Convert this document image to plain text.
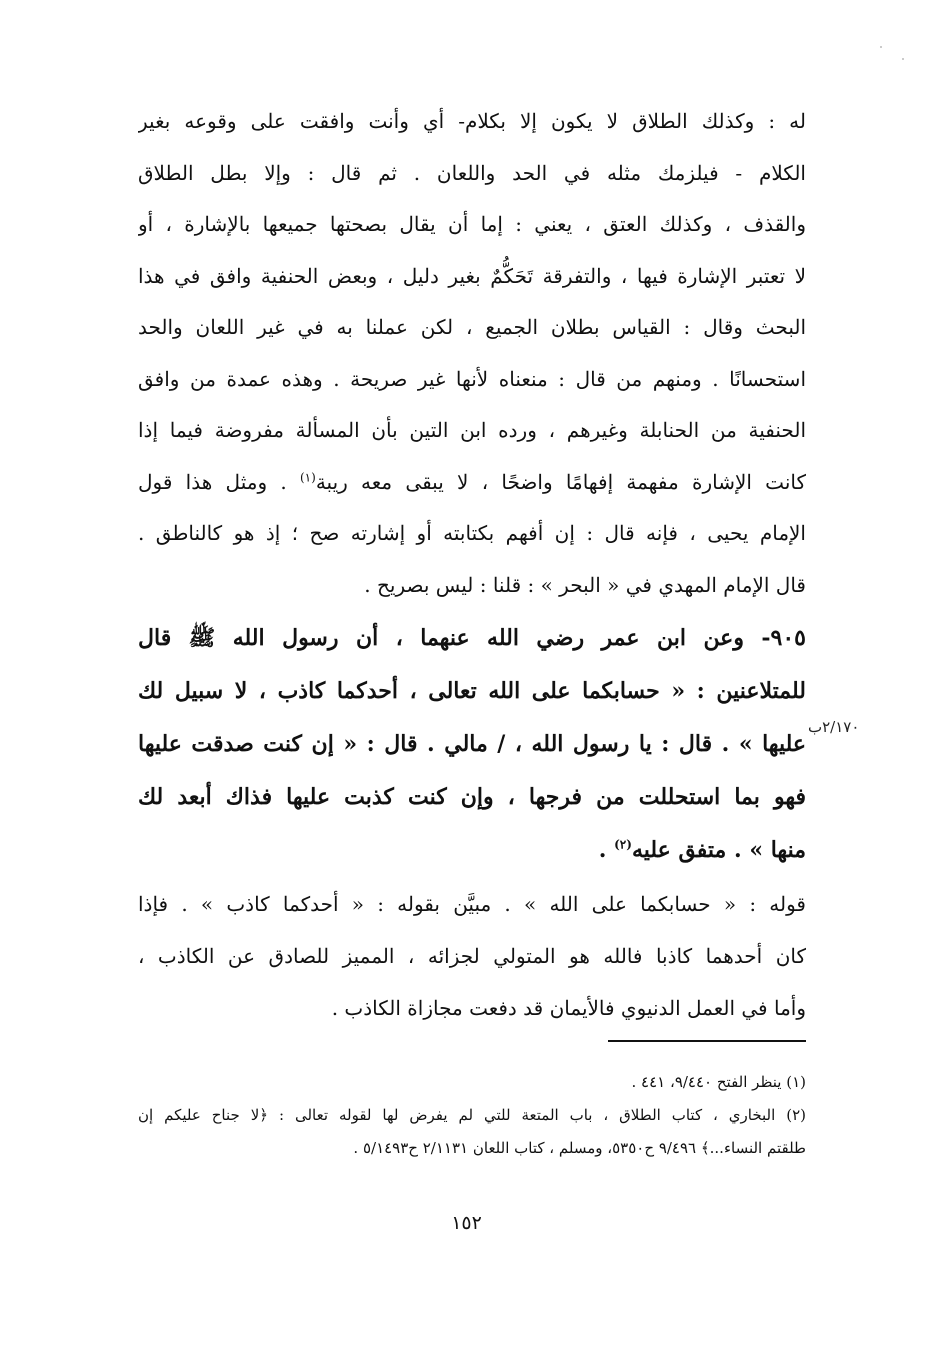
له : وكذلك الطلاق لا يكون إلا بكلام- أي وأنت وافقت على وقوعه بغير
الكلام - فيلزمك مثله في الحد واللعان . ثم قال : وإلا بطل الطلاق
والقذف ، وكذلك العتق ، يعني : إما أن يقال بصحتها جميعها بالإشارة ، أو
لا تعتبر الإشارة فيها ، والتفرقة تَحَكُّمٌ بغير دليل ، وبعض الحنفية وافق في هذا
البحث وقال : القياس بطلان الجميع ، لكن عملنا به في غير اللعان والحد
استحسانًا . ومنهم من قال : منعناه لأنها غير صريحة . وهذه عمدة من وافق
الحنفية من الحنابلة وغيرهم ، ورده ابن التين بأن المسألة مفروضة فيما إذا
كانت الإشارة مفهمة إفهامًا واضحًا ، لا يبقى معه ريبة$^{(١)}$ . ومثل هذا قول
الإمام يحيى ، فإنه قال : إن أفهم بكتابته أو إشارته صح ؛ إذ هو كالناطق .
قال الإمام المهدي في « البحر » : قلنا : ليس بصريح .
٩٠٥- وعن ابن عمر رضي الله عنهما ، أن رسول الله ﷺ قال
للمتلاعنين : « حسابكما على الله تعالى ، أحدكما كاذب ، لا سبيل لك
عليها » . قال : يا رسول الله ، / مالي . قال : « إن كنت صدقت عليها
فهو بما استحللت من فرجها ، وإن كنت كذبت عليها فذاك أبعد لك
منها » . متفق عليه$^{(٢)}$ .
٢/١٧٠ب
قوله : « حسابكما على الله » . مبيَّن بقوله : « أحدكما كاذب » . فإذا
كان أحدهما كاذبا فالله هو المتولي لجزائه ، المميز للصادق عن الكاذب ،
وأما في العمل الدنيوي فالأيمان قد دفعت مجازاة الكاذب .
(١) ينظر الفتح ٩/٤٤٠، ٤٤١ .
(٢) البخاري ، كتاب الطلاق ، باب المتعة للتي لم يفرض لها لقوله تعالى : ﴿لا جناح عليكم إن
طلقتم النساء...﴾ ٩/٤٩٦ ح٥٣٥٠، ومسلم ، كتاب اللعان ٢/١١٣١ ح٥/١٤٩٣ .
١٥٢
